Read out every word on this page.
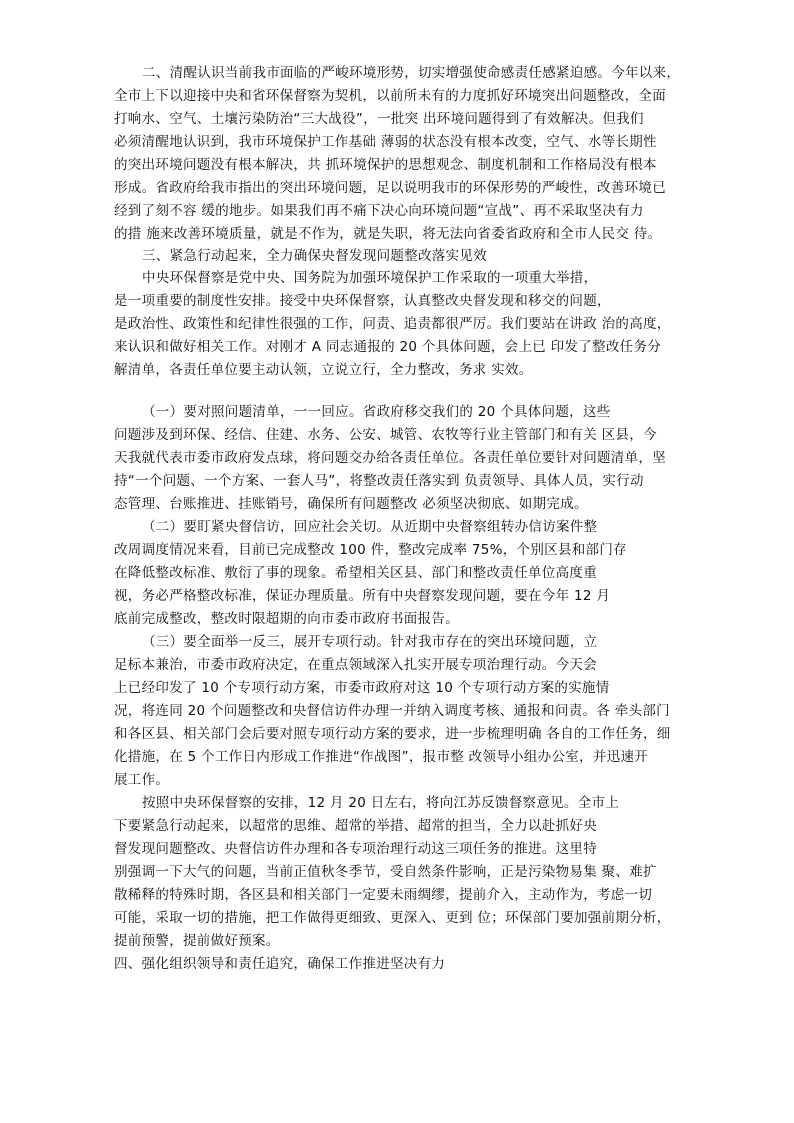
二、清醒认识当前我市面临的严峻环境形势，切实增强使命感责任感紧迫感。今年以来，
全市上下以迎接中央和省环保督察为契机，以前所未有的力度抓好环境突出问题整改，全面
打响水、空气、土壤污染防治“三大战役”，一批突 出环境问题得到了有效解决。但我们
必须清醒地认识到，我市环境保护工作基础 薄弱的状态没有根本改变，空气、水等长期性
的突出环境问题没有根本解决，共 抓环境保护的思想观念、制度机制和工作格局没有根本
形成。省政府给我市指出的突出环境问题，足以说明我市的环保形势的严峻性，改善环境已
经到了刻不容 缓的地步。如果我们再不痛下决心向环境问题“宣战”、再不采取坚决有力
的措 施来改善环境质量，就是不作为，就是失职，将无法向省委省政府和全市人民交 待。
三、紧急行动起来，全力确保央督发现问题整改落实见效
中央环保督察是党中央、国务院为加强环境保护工作采取的一项重大举措，
是一项重要的制度性安排。接受中央环保督察，认真整改央督发现和移交的问题，
是政治性、政策性和纪律性很强的工作，问责、追责都很严厉。我们要站在讲政 治的高度，
来认识和做好相关工作。对刚才 A 同志通报的 20 个具体问题，会上已 印发了整改任务分
解清单，各责任单位要主动认领，立说立行，全力整改，务求 实效。
（一）要对照问题清单，一一回应。省政府移交我们的 20 个具体问题，这些
问题涉及到环保、经信、住建、水务、公安、城管、农牧等行业主管部门和有关 区县，今
天我就代表市委市政府发点球，将问题交办给各责任单位。各责任单位要针对问题清单，坚
持“一个问题、一个方案、一套人马”，将整改责任落实到 负责领导、具体人员，实行动
态管理、台账推进、挂账销号，确保所有问题整改 必须坚决彻底、如期完成。
（二）要盯紧央督信访，回应社会关切。从近期中央督察组转办信访案件整
改周调度情况来看，目前已完成整改 100 件，整改完成率 75%，个别区县和部门存
在降低整改标准、敷衍了事的现象。希望相关区县、部门和整改责任单位高度重
视，务必严格整改标准，保证办理质量。所有中央督察发现问题，要在今年 12 月
底前完成整改，整改时限超期的向市委市政府书面报告。
（三）要全面举一反三，展开专项行动。针对我市存在的突出环境问题，立
足标本兼治，市委市政府决定，在重点领域深入扎实开展专项治理行动。今天会
上已经印发了 10 个专项行动方案，市委市政府对这 10 个专项行动方案的实施情
况，将连同 20 个问题整改和央督信访件办理一并纳入调度考核、通报和问责。各 牵头部门
和各区县、相关部门会后要对照专项行动方案的要求，进一步梳理明确 各自的工作任务，细
化措施，在 5 个工作日内形成工作推进“作战图”，报市整 改领导小组办公室，并迅速开
展工作。
按照中央环保督察的安排，12 月 20 日左右，将向江苏反馈督察意见。全市上
下要紧急行动起来，以超常的思维、超常的举措、超常的担当，全力以赴抓好央
督发现问题整改、央督信访件办理和各专项治理行动这三项任务的推进。这里特
别强调一下大气的问题，当前正值秋冬季节，受自然条件影响，正是污染物易集 聚、难扩
散稀释的特殊时期，各区县和相关部门一定要未雨绸缪，提前介入，主动作为，考虑一切
可能，采取一切的措施，把工作做得更细致、更深入、更到 位；环保部门要加强前期分析，
提前预警，提前做好预案。
四、强化组织领导和责任追究，确保工作推进坚决有力
